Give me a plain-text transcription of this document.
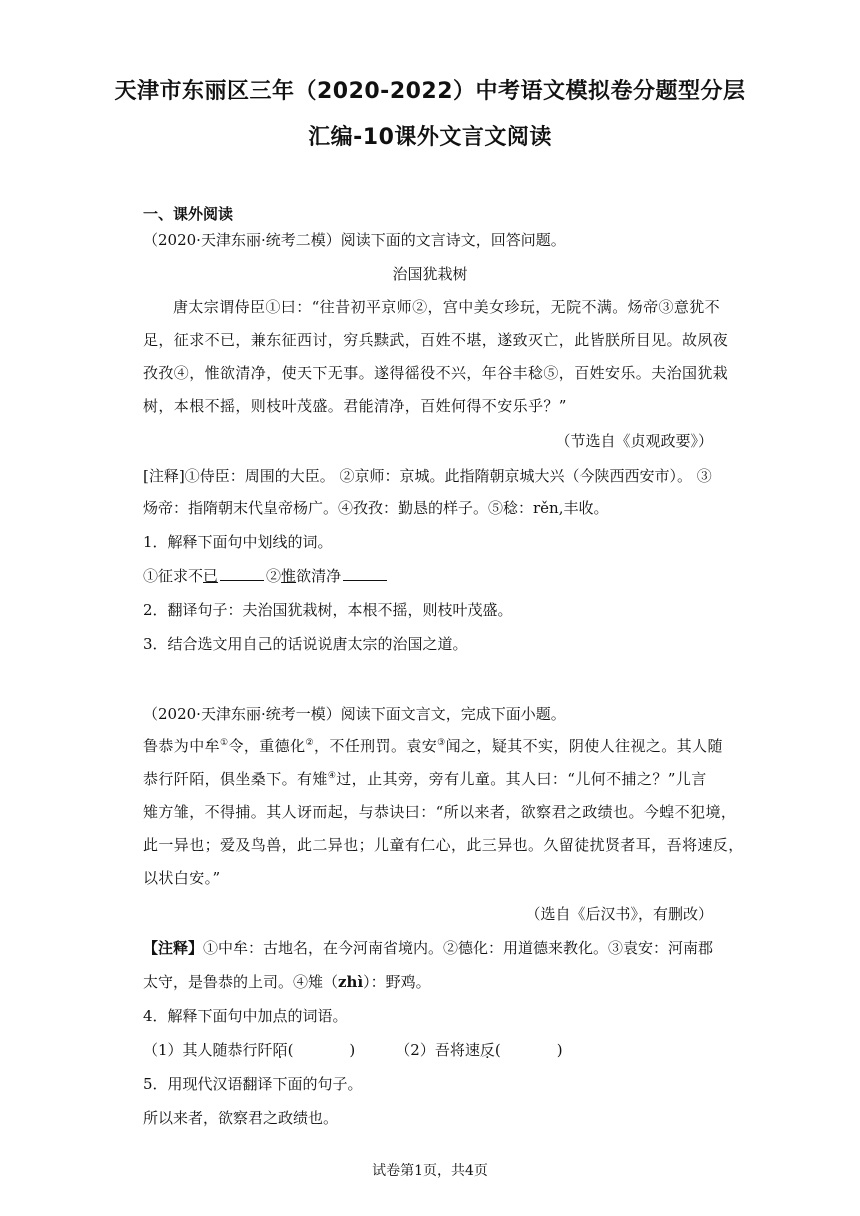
天津市东丽区三年（2020-2022）中考语文模拟卷分题型分层
汇编-10课外文言文阅读

一、课外阅读

（2020·天津东丽·统考二模）阅读下面的文言诗文，回答问题。

治国犹栽树

唐太宗谓侍臣①曰：“往昔初平京师②，宫中美女珍玩，无院不满。炀帝③意犹不

足，征求不已，兼东征西讨，穷兵黩武，百姓不堪，遂致灭亡，此皆朕所目见。故夙夜

孜孜④，惟欲清净，使天下无事。遂得徭役不兴，年谷丰稔⑤，百姓安乐。夫治国犹栽

树，本根不摇，则枝叶茂盛。君能清净，百姓何得不安乐乎？”

（节选自《贞观政要》）

[注释]①侍臣：周围的大臣。 ②京师：京城。此指隋朝京城大兴（今陕西西安市）。 ③

炀帝：指隋朝末代皇帝杨广。④孜孜：勤恳的样子。⑤稔：rěn,丰收。

1．解释下面句中划线的词。

①征求不已	②惟欲清净

2．翻译句子：夫治国犹栽树，本根不摇，则枝叶茂盛。

3．结合选文用自己的话说说唐太宗的治国之道。

（2020·天津东丽·统考一模）阅读下面文言文，完成下面小题。

鲁恭为中牟①令，重德化②，不任刑罚。袁安③闻之，疑其不实，阴使人往视之。其人随

恭行阡陌，俱坐桑下。有雉④过，止其旁，旁有儿童。其人曰：“儿何不捕之？”儿言

雉方雏，不得捕。其人讶而起，与恭诀曰：“所以来者，欲察君之政绩也。今蝗不犯境，

此一异也；爱及鸟兽，此二异也；儿童有仁心，此三异也。久留徒扰贤者耳，吾将速反，

以状白安。”

（选自《后汉书》，有删改）

【注释】①中牟：古地名，在今河南省境内。②德化：用道德来教化。③袁安：河南郡

太守，是鲁恭的上司。④雉（zhì）：野鸡。

4．解释下面句中加点的词语。

（1）其人随恭行阡陌(	)	（2）吾将速反(	)

5．用现代汉语翻译下面的句子。

所以来者，欲察君之政绩也。

试卷第1页，共4页
